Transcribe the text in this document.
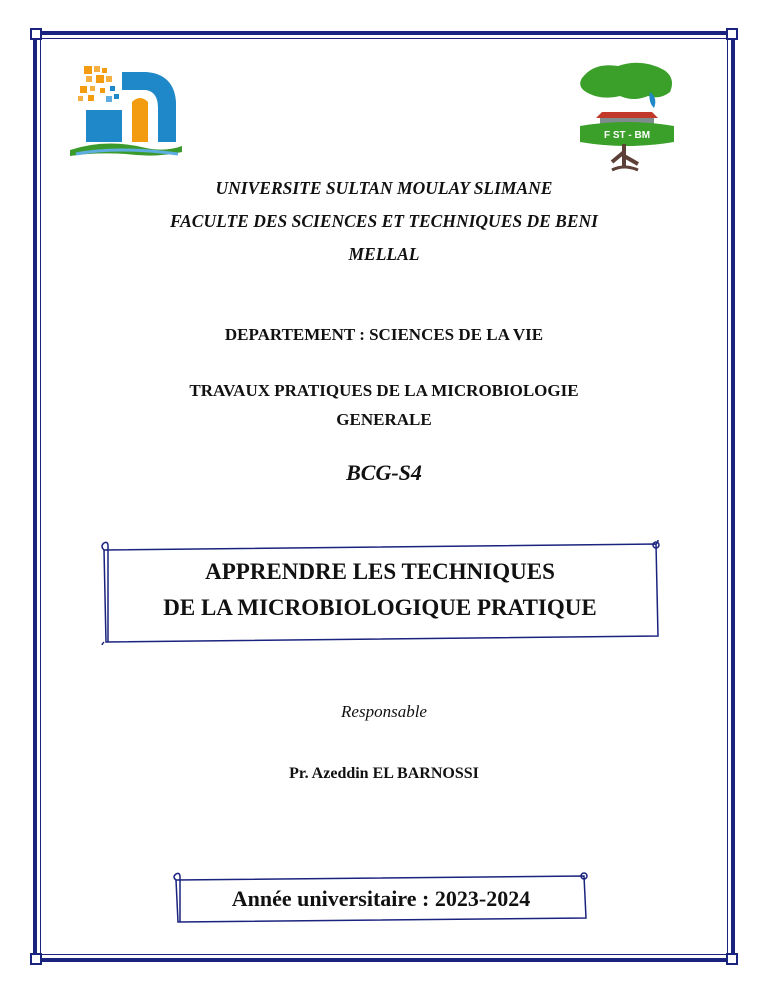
F ST - BM
UNIVERSITE SULTAN MOULAY SLIMANE
FACULTE DES SCIENCES ET TECHNIQUES DE BENI
MELLAL
DEPARTEMENT : SCIENCES DE LA VIE
TRAVAUX PRATIQUES DE LA MICROBIOLOGIE
GENERALE
BCG-S4
APPRENDRE LES TECHNIQUES
DE LA MICROBIOLOGIQUE PRATIQUE
Responsable
Pr. Azeddin EL BARNOSSI
Année universitaire : 2023-2024
